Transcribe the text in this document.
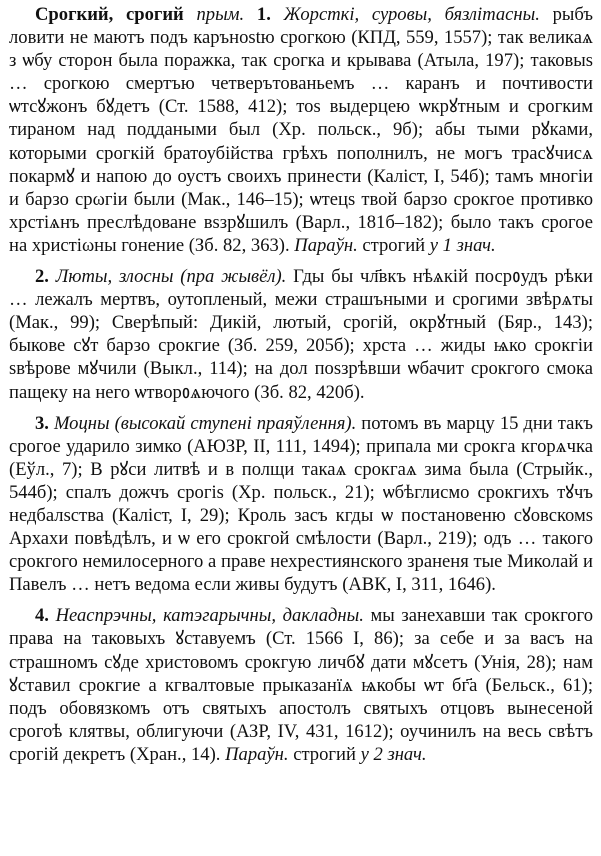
Срогкий, срогий прым. 1. Жорсткі, суровы, бязлітасны. рыбъ ловити не маютъ подъ карънostю срогкою (КПД, 559, 1557); так великаѧ з ѡбу сторон была поражка, так срогка и крывава (Атыла, 197); таковыѕ … срогкою смертъю четверътованьемъ … каранъ и почтивости ѡтсꙋжонъ бꙋдетъ (Ст. 1588, 412); тоѕ выдерцею ѡкрꙋтным и срогким тираном над поддаными был (Хр. польск., 9б); абы тыми рꙋками, которыми срогкій братоубійства грѣхъ пополнилъ, не могъ трасꙋчисѧ покармꙋ и напою до оустъ своихъ принести (Каліст, І, 54б); тамъ многіи и барзо срωгіи были (Мак., 146–15); ѡтецѕ твой барзо срокгое противко хрстіѧнъ преслѣдоване вѕзрꙋшилъ (Варл., 181б–182); было такъ срогое на христіωны гонение (Зб. 82, 363). Параўн. строгий у 1 знач.

2. Люты, злосны (пра жывёл). Гды бы чл҃вкъ нѣѧкій посрᲂудъ рѣки … лежалъ мертвъ, оутопленый, межи страшъными и срогими звѣрѧты (Мак., 99); Сверѣпый: Дикій, лютый, срогій, окрꙋтный (Бяр., 143); быкове сꙋт барзо срокгие (Зб. 259, 205б); хрста … жиды ѩко срокгіи ѕвѣрове мꙋчили (Выкл., 114); на дол поѕзрѣвши ѡбачит срокгого смока пащеку на него ѡтворᲂѧючого (Зб. 82, 420б).

3. Моцны (высокай ступені праяўлення). потомъ въ марцу 15 дни такъ срогое ударило зимко (АЮЗР, ІІ, 111, 1494); припала ми срокга кгорѧчка (Еўл., 7); В рꙋси литвѣ и в полщи такаѧ срокгаѧ зима была (Стрыйк., 544б); спалъ дожчъ срогіѕ (Хр. польск., 21); ѡбѣглисмо срокгихъ тꙋчъ недбалѕства (Каліст, І, 29); Кроль засъ кгды ѡ постановеню сꙋовскомѕ Архахи повѣдѣлъ, и ѡ его срокгой смѣлости (Варл., 219); одъ … такого срокгого немилосерного а праве нехрестиянского зраненя тые Миколай и Павелъ … нетъ ведома если живы будутъ (АВК, І, 311, 1646).

4. Неаспрэчны, катэгарычны, дакладны. мы занехавши так срокгого права на таковыхъ ꙋставуемъ (Ст. 1566 І, 86); за себе и за васъ на страшномъ сꙋде христовомъ срокгую личбꙋ дати мꙋсетъ (Унія, 28); нам ꙋставил срокгие а кгвалтовые прыказанїѧ ѩкобы ѡт бг҃а (Бельск., 61); подъ обовязкомъ отъ святыхъ апостолъ святыхъ отцовъ вынесеной срогоѣ клятвы, облигуючи (АЗР, ІV, 431, 1612); оучинилъ на весь свѣтъ срогій декретъ (Хран., 14). Параўн. строгий у 2 знач.
